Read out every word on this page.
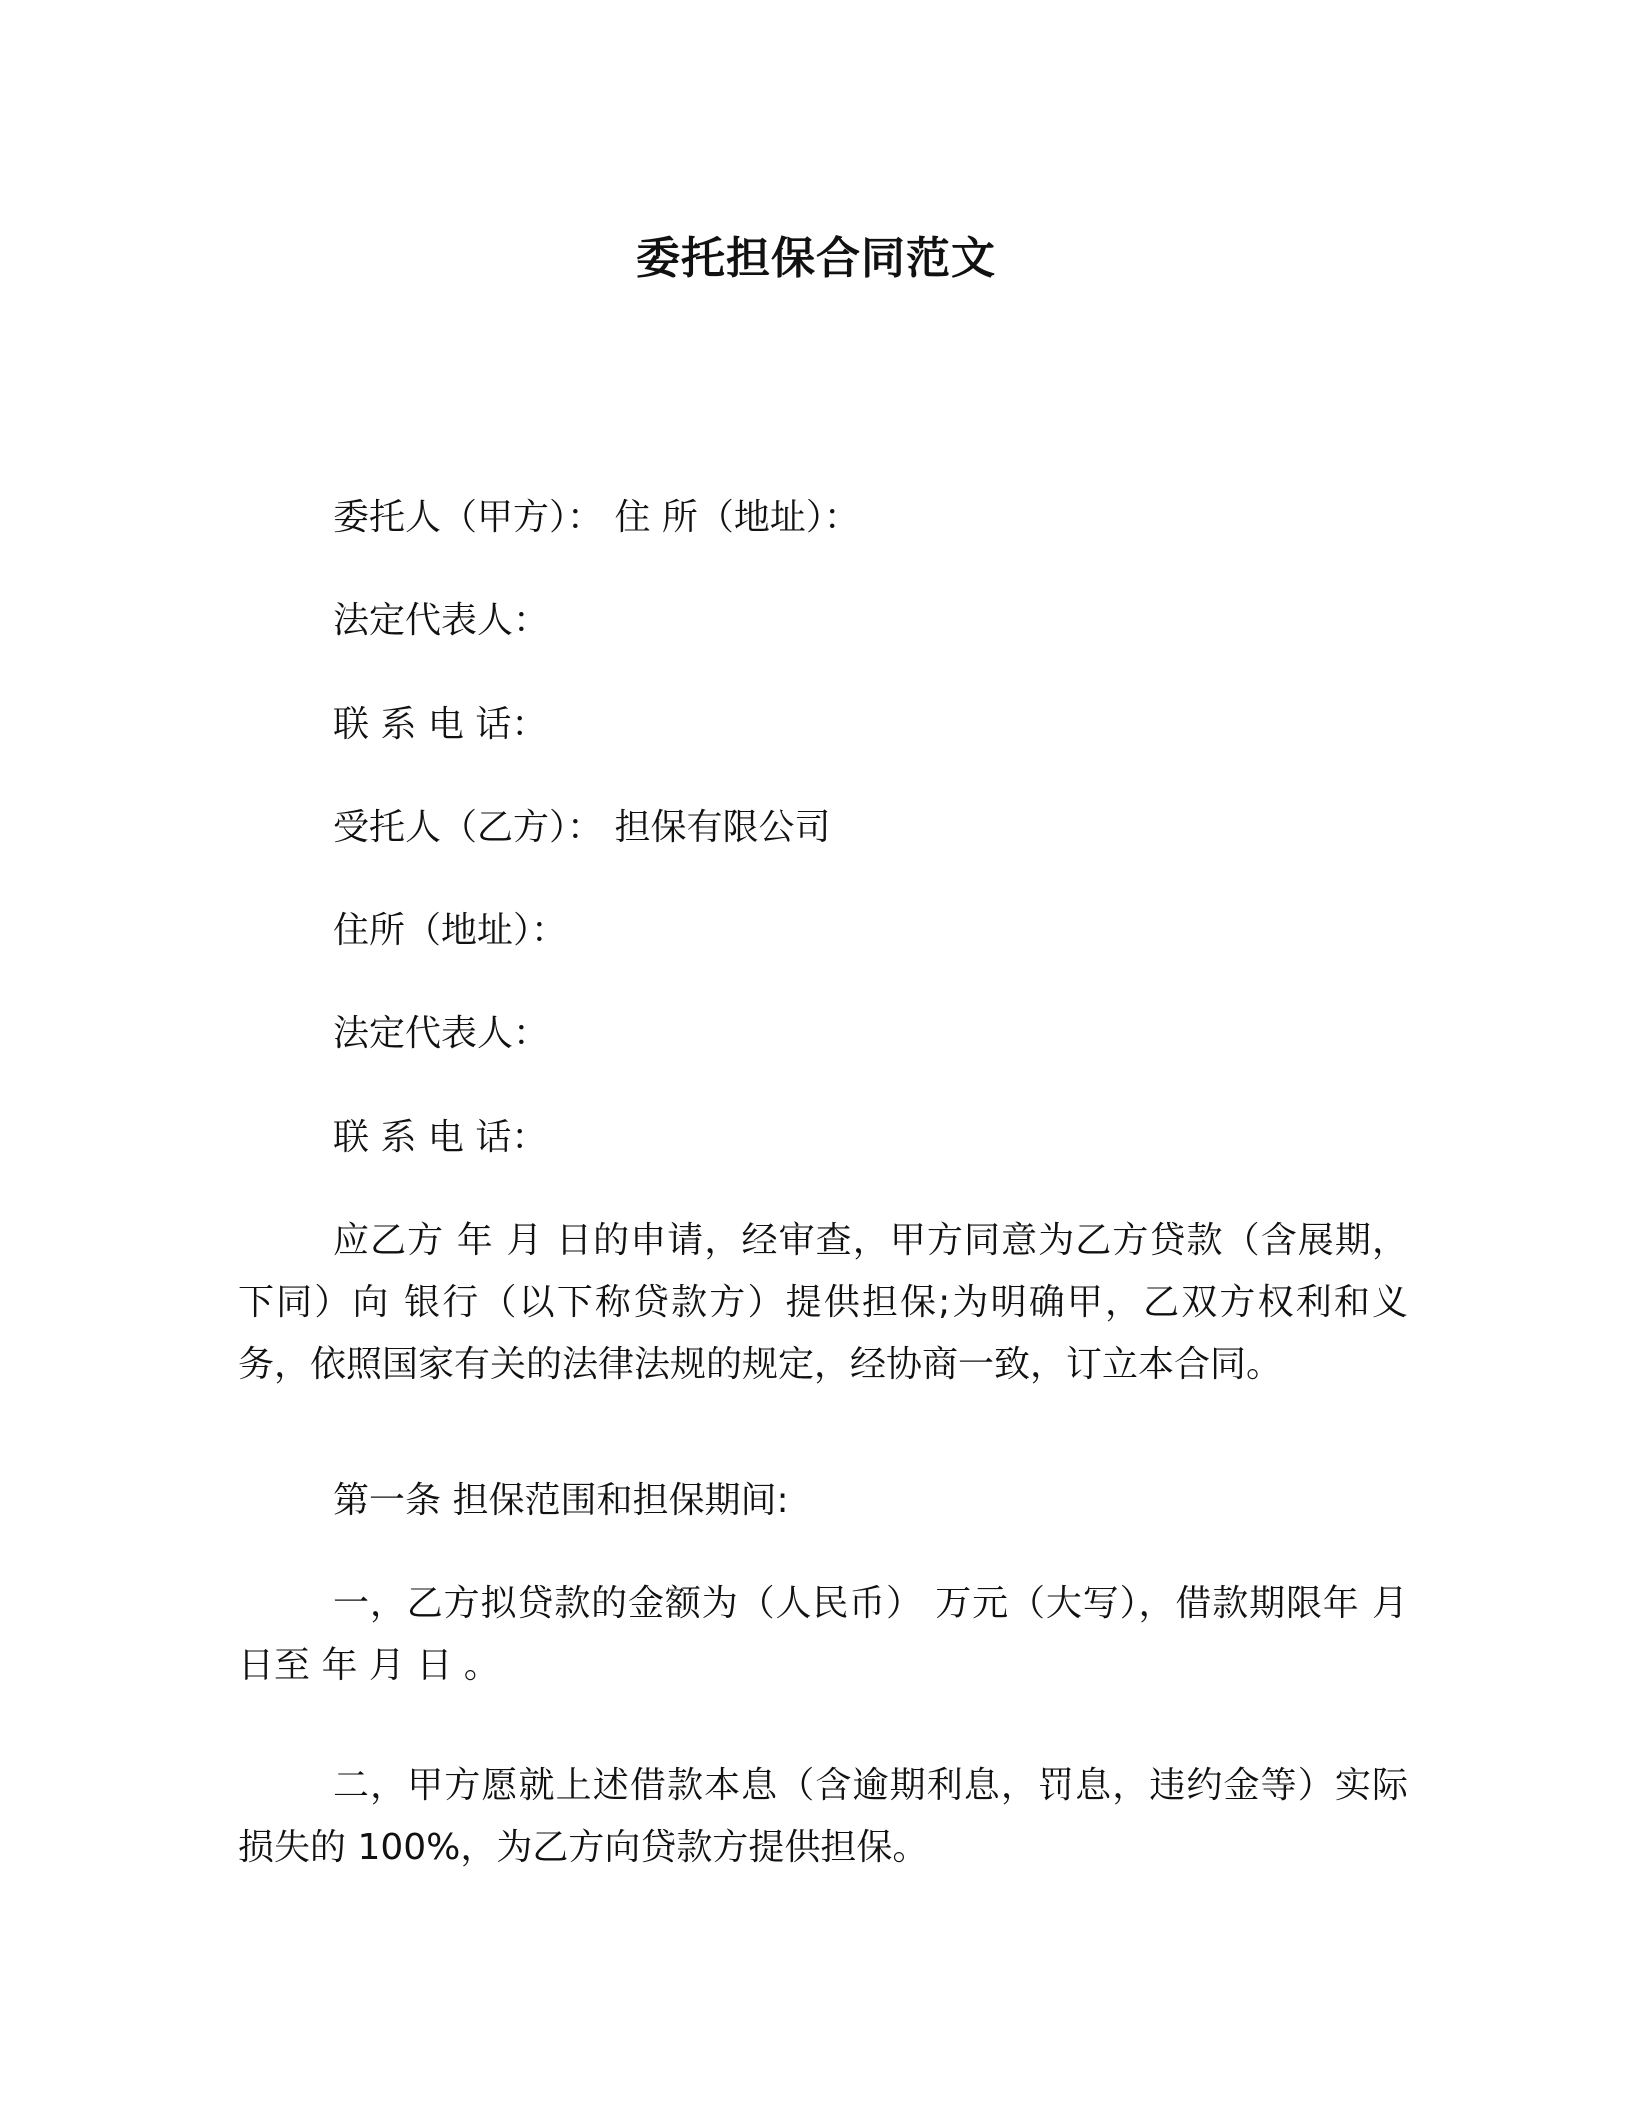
委托担保合同范文
委托人（甲方）： 住 所（地址）：
法定代表人：
联 系 电 话：
受托人（乙方）： 担保有限公司
住所（地址）：
法定代表人：
联 系 电 话：
应乙方 年 月 日的申请，经审查，甲方同意为乙方贷款（含展期，下同）向 银行（以下称贷款方）提供担保;为明确甲，乙双方权利和义务，依照国家有关的法律法规的规定，经协商一致，订立本合同。
第一条 担保范围和担保期间:
一，乙方拟贷款的金额为（人民币） 万元（大写），借款期限年 月 日至 年 月 日 。
二，甲方愿就上述借款本息（含逾期利息，罚息，违约金等）实际损失的 100%，为乙方向贷款方提供担保。
